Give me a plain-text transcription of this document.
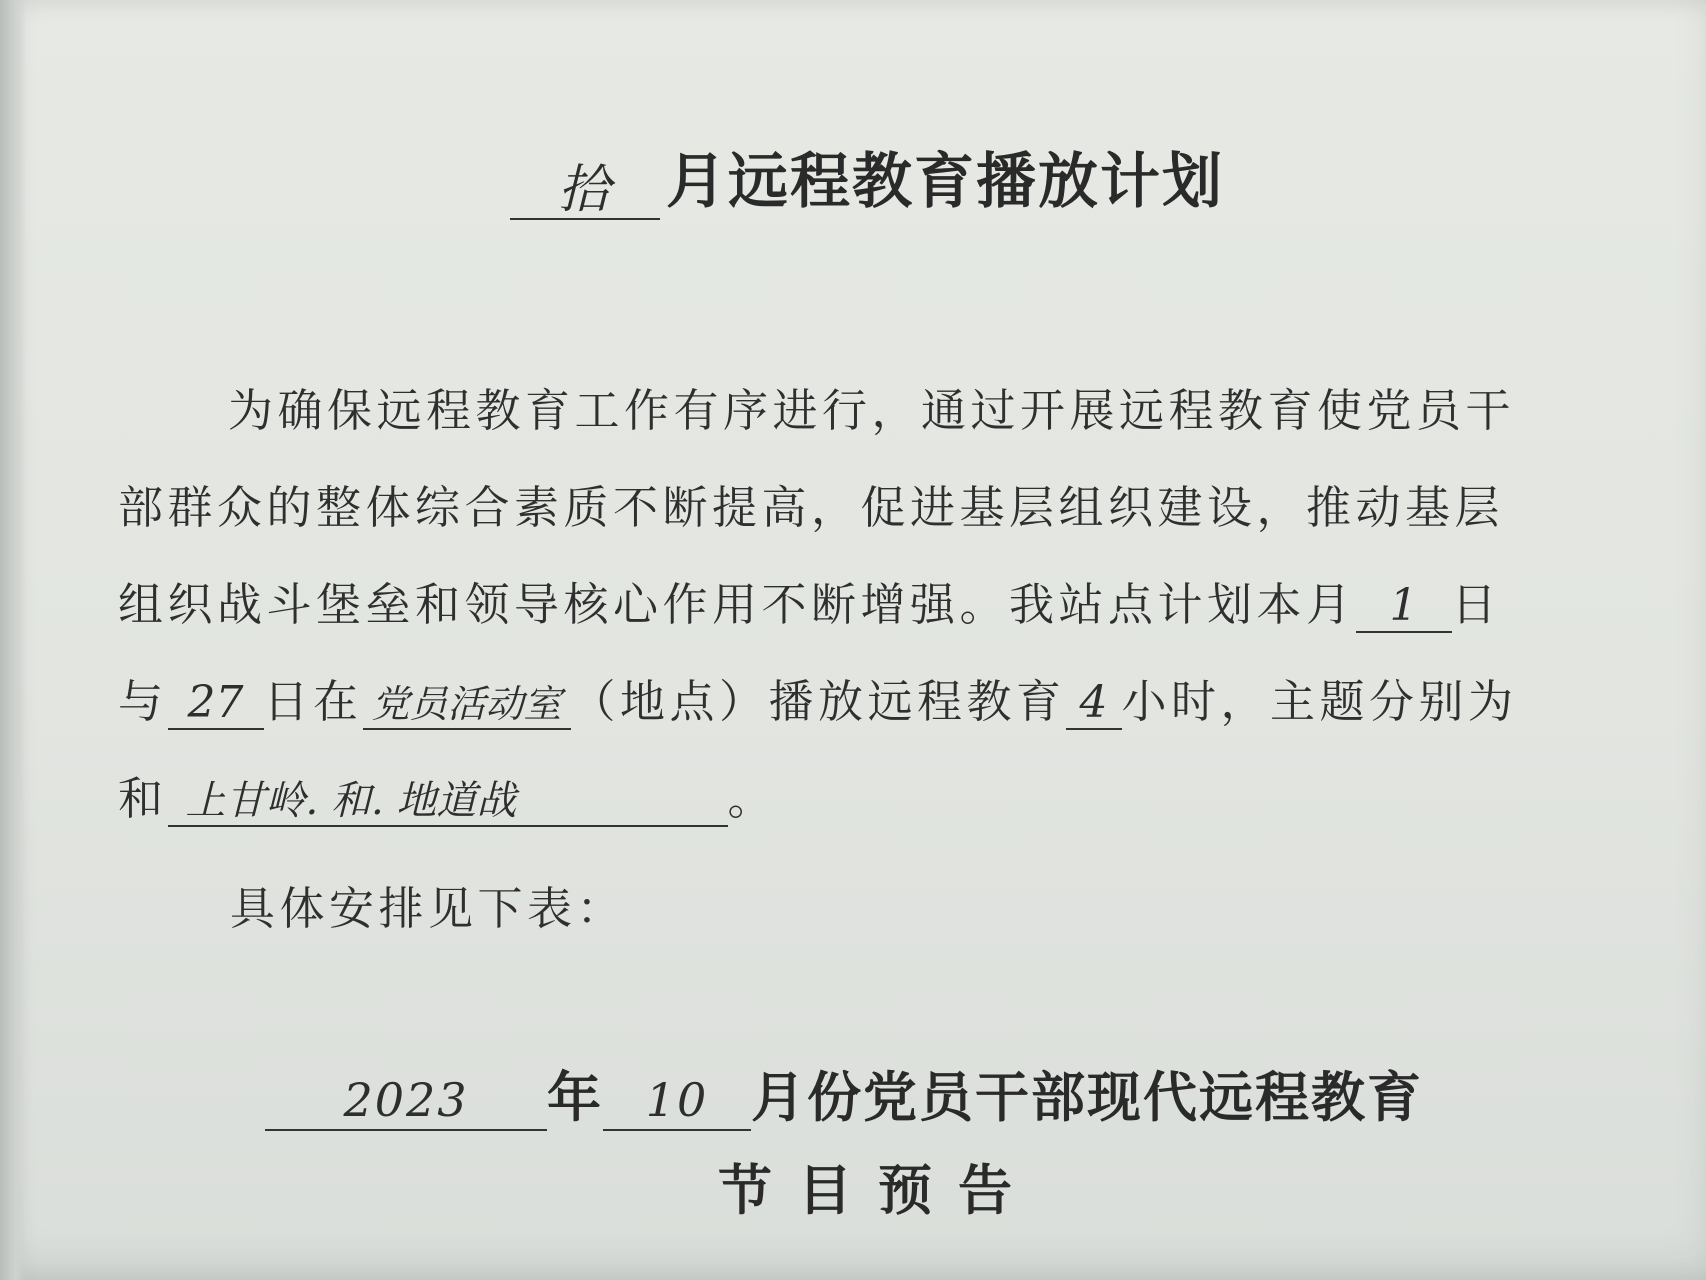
拾 月远程教育播放计划
为确保远程教育工作有序进行，通过开展远程教育使党员干
部群众的整体综合素质不断提高，促进基层组织建设，推动基层
组织战斗堡垒和领导核心作用不断增强。我站点计划本月 1 日
与 27 日在 党员活动室 （地点）播放远程教育 4 小时，主题分别为
和 上甘岭. 和. 地道战	。
具体安排见下表：
2023 年 10 月份党员干部现代远程教育
节目预告
